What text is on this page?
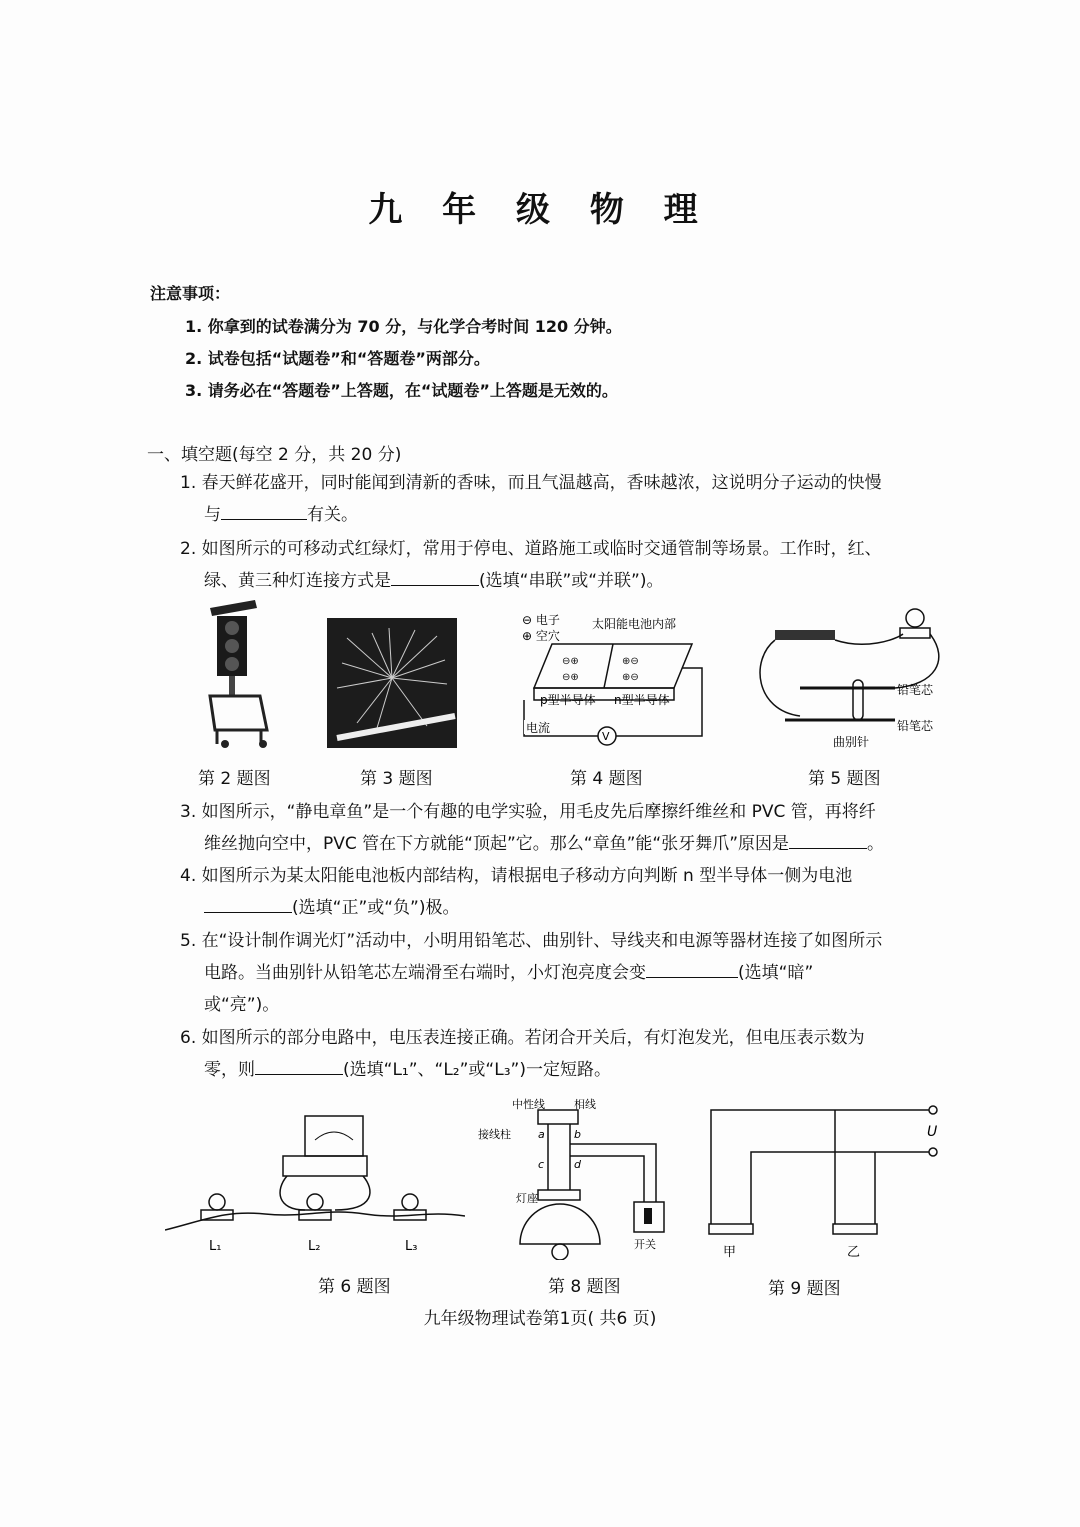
九 年 级 物 理
注意事项：
1. 你拿到的试卷满分为 70 分，与化学合考时间 120 分钟。
2. 试卷包括“试题卷”和“答题卷”两部分。
3. 请务必在“答题卷”上答题，在“试题卷”上答题是无效的。
一、填空题(每空 2 分，共 20 分)
1. 春天鲜花盛开，同时能闻到清新的香味，而且气温越高，香味越浓，这说明分子运动的快慢
与	有关。
2. 如图所示的可移动式红绿灯，常用于停电、道路施工或临时交通管制等场景。工作时，红、
绿、黄三种灯连接方式是	(选填“串联”或“并联”)。
⊖ 电子
⊕ 空穴
太阳能电池内部
⊖⊕
⊖⊕
⊕⊖
⊕⊖
p型半导体 n型半导体
电流
V
铅笔芯
铅笔芯
曲别针
第 2 题图	第 3 题图	第 4 题图	第 5 题图
3. 如图所示，“静电章鱼”是一个有趣的电学实验，用毛皮先后摩擦纤维丝和 PVC 管，再将纤
维丝抛向空中，PVC 管在下方就能“顶起”它。那么“章鱼”能“张牙舞爪”原因是	。
4. 如图所示为某太阳能电池板内部结构，请根据电子移动方向判断 n 型半导体一侧为电池
(选填“正”或“负”)极。
5. 在“设计制作调光灯”活动中，小明用铅笔芯、曲别针、导线夹和电源等器材连接了如图所示
电路。当曲别针从铅笔芯左端滑至右端时，小灯泡亮度会变	(选填“暗”
或“亮”)。
6. 如图所示的部分电路中，电压表连接正确。若闭合开关后，有灯泡发光，但电压表示数为
零，则	(选填“L₁”、“L₂”或“L₃”)一定短路。
L₁	L₂	L₃
中性线	相线
接线柱 a	b
c	d
灯座
开关
U
甲	乙
第 6 题图	第 8 题图	第 9 题图
九年级物理试卷第1页( 共6 页)
